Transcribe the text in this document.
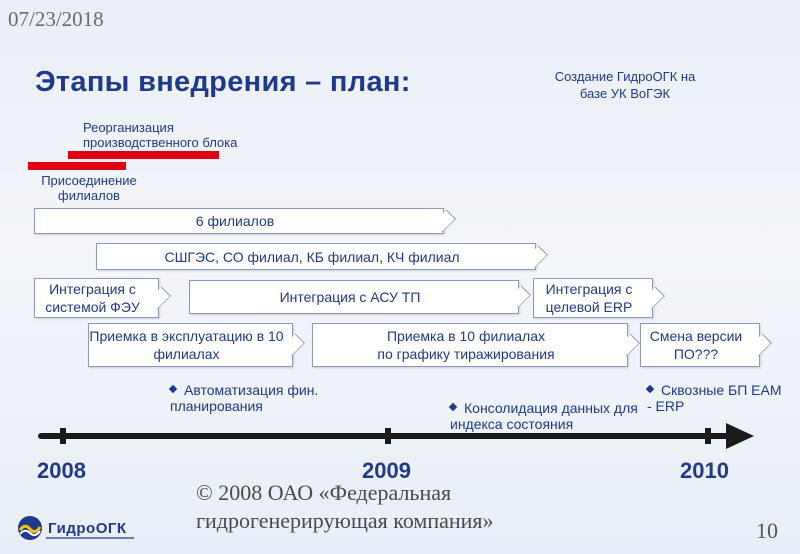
07/23/2018
Этапы внедрения – план:	Создание ГидроОГК на базе УК ВоГЭК
Реорганизация производственного блока
Присоединение филиалов
6 филиалов
СШГЭС, СО филиал, КБ филиал, КЧ филиал
Интеграция с системой ФЭУ
Интеграция с АСУ ТП	Интеграция с целевой ERP
Приемка в эксплуатацию в 10 филиалах
Приемка в 10 филиалах
по графику тиражирования
Смена версии ПО???
Автоматизация фин. планирования	Консолидация данных для индекса состояния
Сквозные БП EAM - ERP
2008	2009	2010
© 2008 ОАО «Федеральная гидрогенерирующая компания»	10
ГидроОГК
